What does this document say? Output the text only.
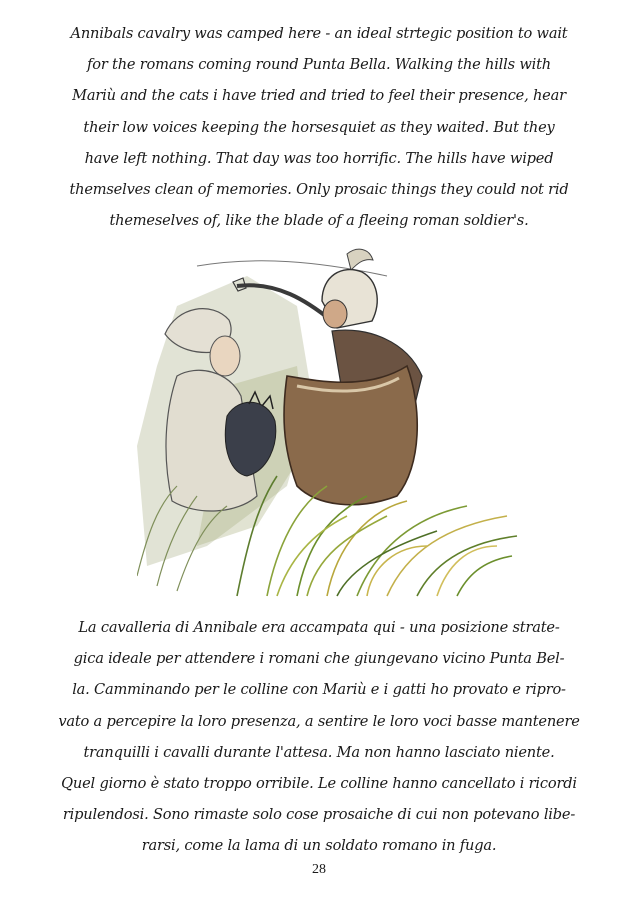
Annibals cavalry was camped here - an ideal strtegic position to wait
for the romans coming round Punta Bella. Walking the hills with
Mariù and the cats i have tried and tried to feel their presence, hear
their low voices keeping the horsesquiet as they waited. But they
have left nothing. That day was too horrific. The hills have wiped
themselves clean of memories. Only prosaic things they could not rid
themeselves of, like the blade of a fleeing roman soldier's.

La cavalleria di Annibale era accampata qui - una posizione strate-
gica ideale per attendere i romani che giungevano vicino Punta Bel-
la. Camminando per le colline con Mariù e i gatti ho provato e ripro-
vato a percepire la loro presenza, a sentire le loro voci basse mantenere
tranquilli i cavalli durante l'attesa. Ma non hanno lasciato niente.
Quel giorno è stato troppo orribile. Le colline hanno cancellato i ricordi
ripulendosi. Sono rimaste solo cose prosaiche di cui non potevano libe-
rarsi, come la lama di un soldato romano in fuga.

28
